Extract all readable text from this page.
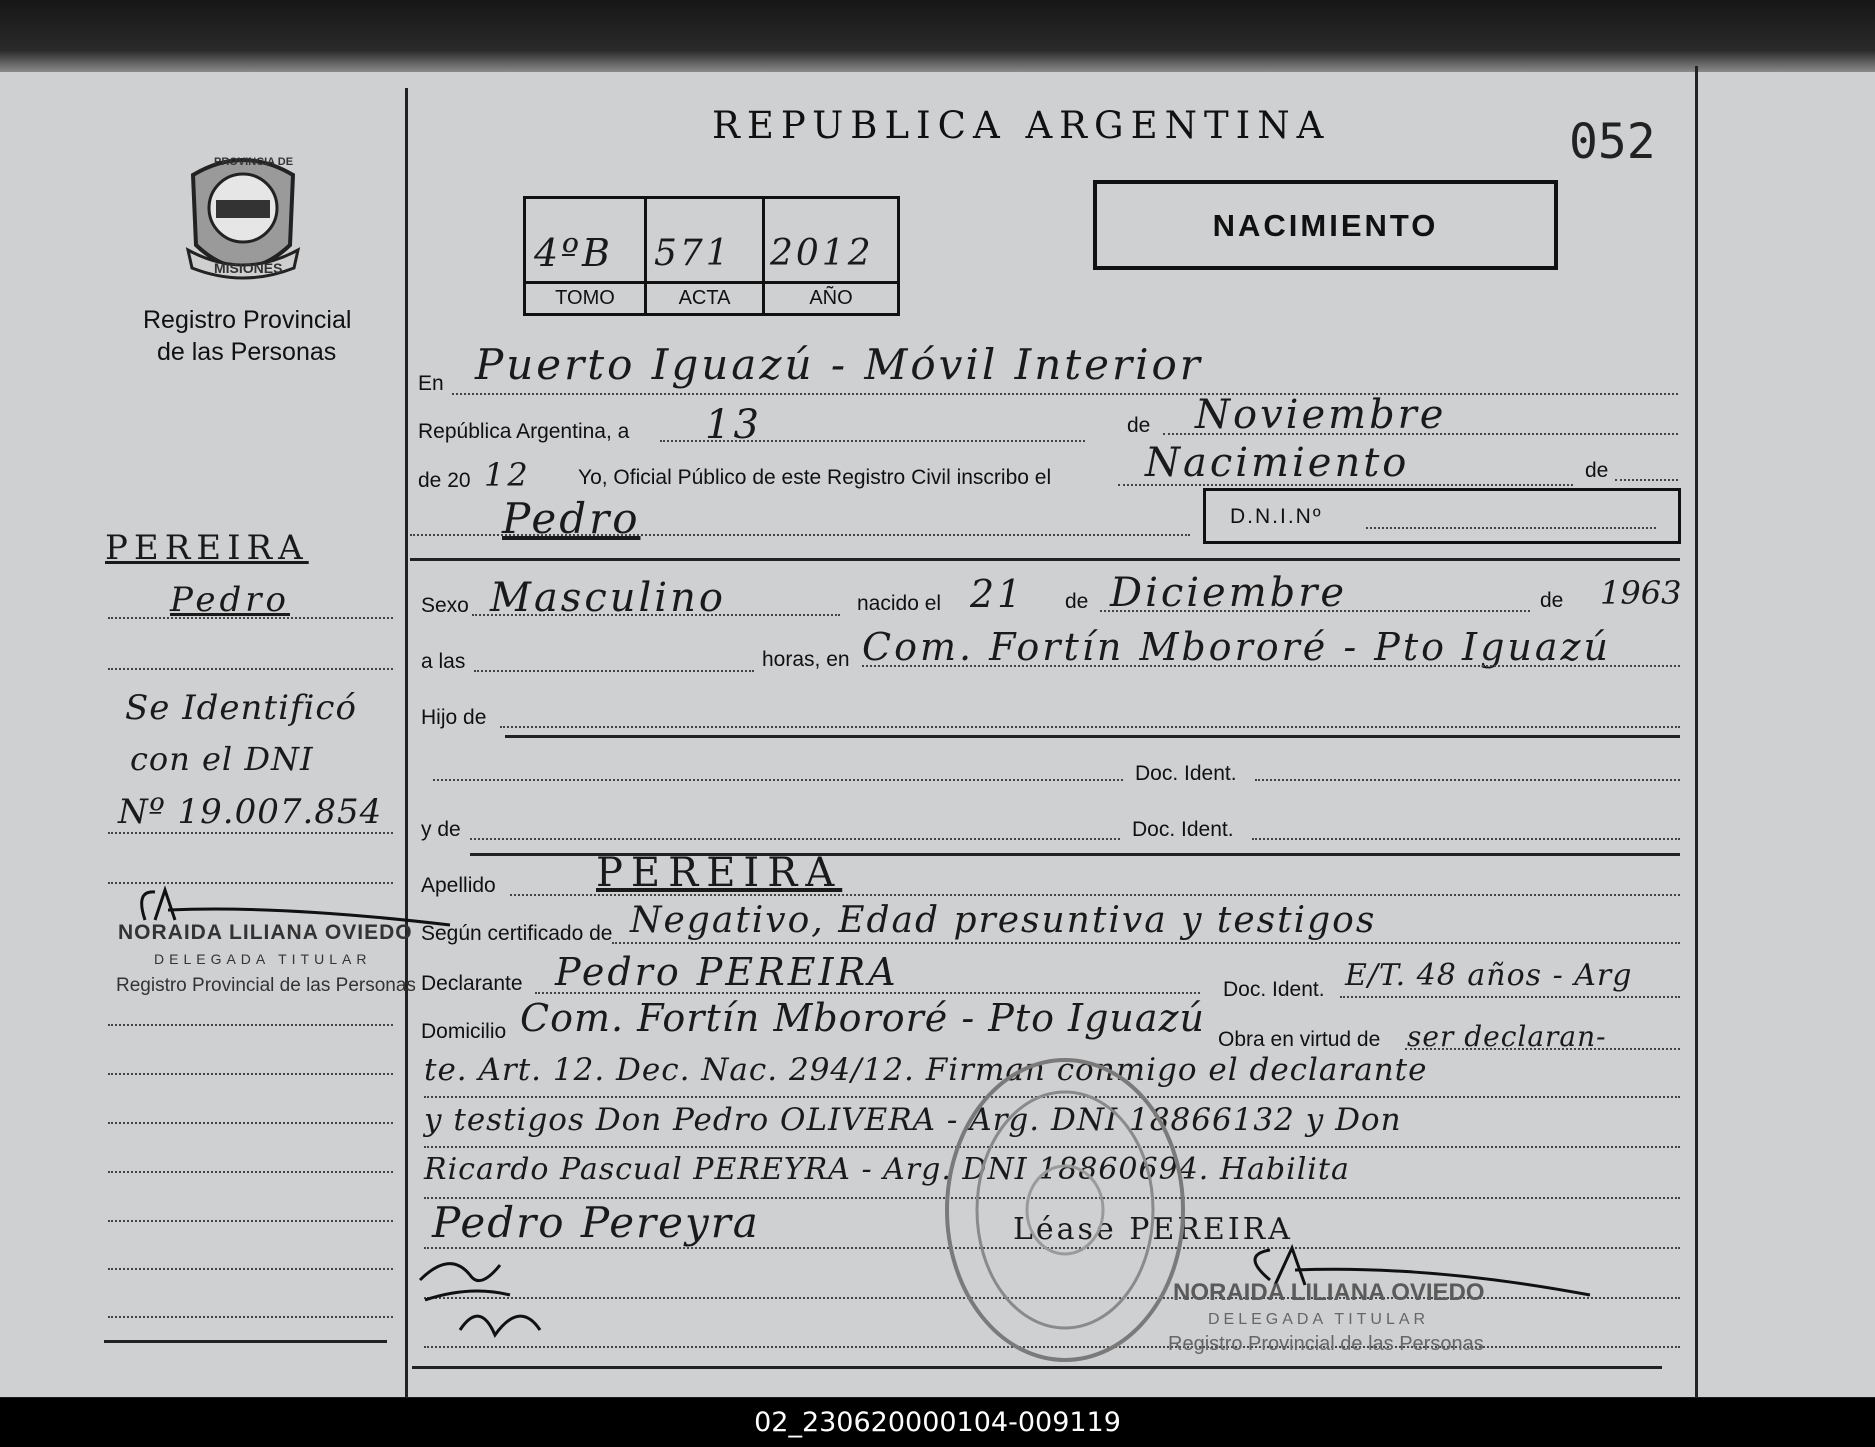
REPUBLICA ARGENTINA	052
NACIMIENTO
4ºB 571 2012
TOMO	ACTA	AÑO
PROVINCIA DE
MISIONES
Registro Provincial
de las Personas
PEREIRA
Pedro
Se Identificó
con el DNI
Nº 19.007.854
NORAIDA LILIANA OVIEDO
DELEGADA TITULAR
Registro Provincial de las Personas
En Puerto Iguazú - Móvil Interior
República Argentina, a 13	de Noviembre
de 20 12 Yo, Oficial Público de este Registro Civil inscribo el Nacimiento	de
Pedro	D.N.I.Nº
Sexo Masculino	nacido el 21 de Diciembre	de 1963
a las	horas, en Com. Fortín Mbororé - Pto Iguazú
Hijo de
Doc. Ident.
y de	Doc. Ident.
Apellido	PEREIRA
Según certificado de Negativo, Edad presuntiva y testigos
Declarante Pedro PEREIRA	Doc. Ident. E/T. 48 años - Arg
Domicilio Com. Fortín Mbororé - Pto Iguazú Obra en virtud de ser declaran-
te. Art. 12. Dec. Nac. 294/12. Firman conmigo el declarante
y testigos Don Pedro OLIVERA - Arg. DNI 18866132 y Don
Ricardo Pascual PEREYRA - Arg. DNI 18860694. Habilita
Pedro Pereyra	Léase PEREIRA
NORAIDA LILIANA OVIEDO
DELEGADA TITULAR
Registro Provincial de las Personas
02_230620000104-009119
